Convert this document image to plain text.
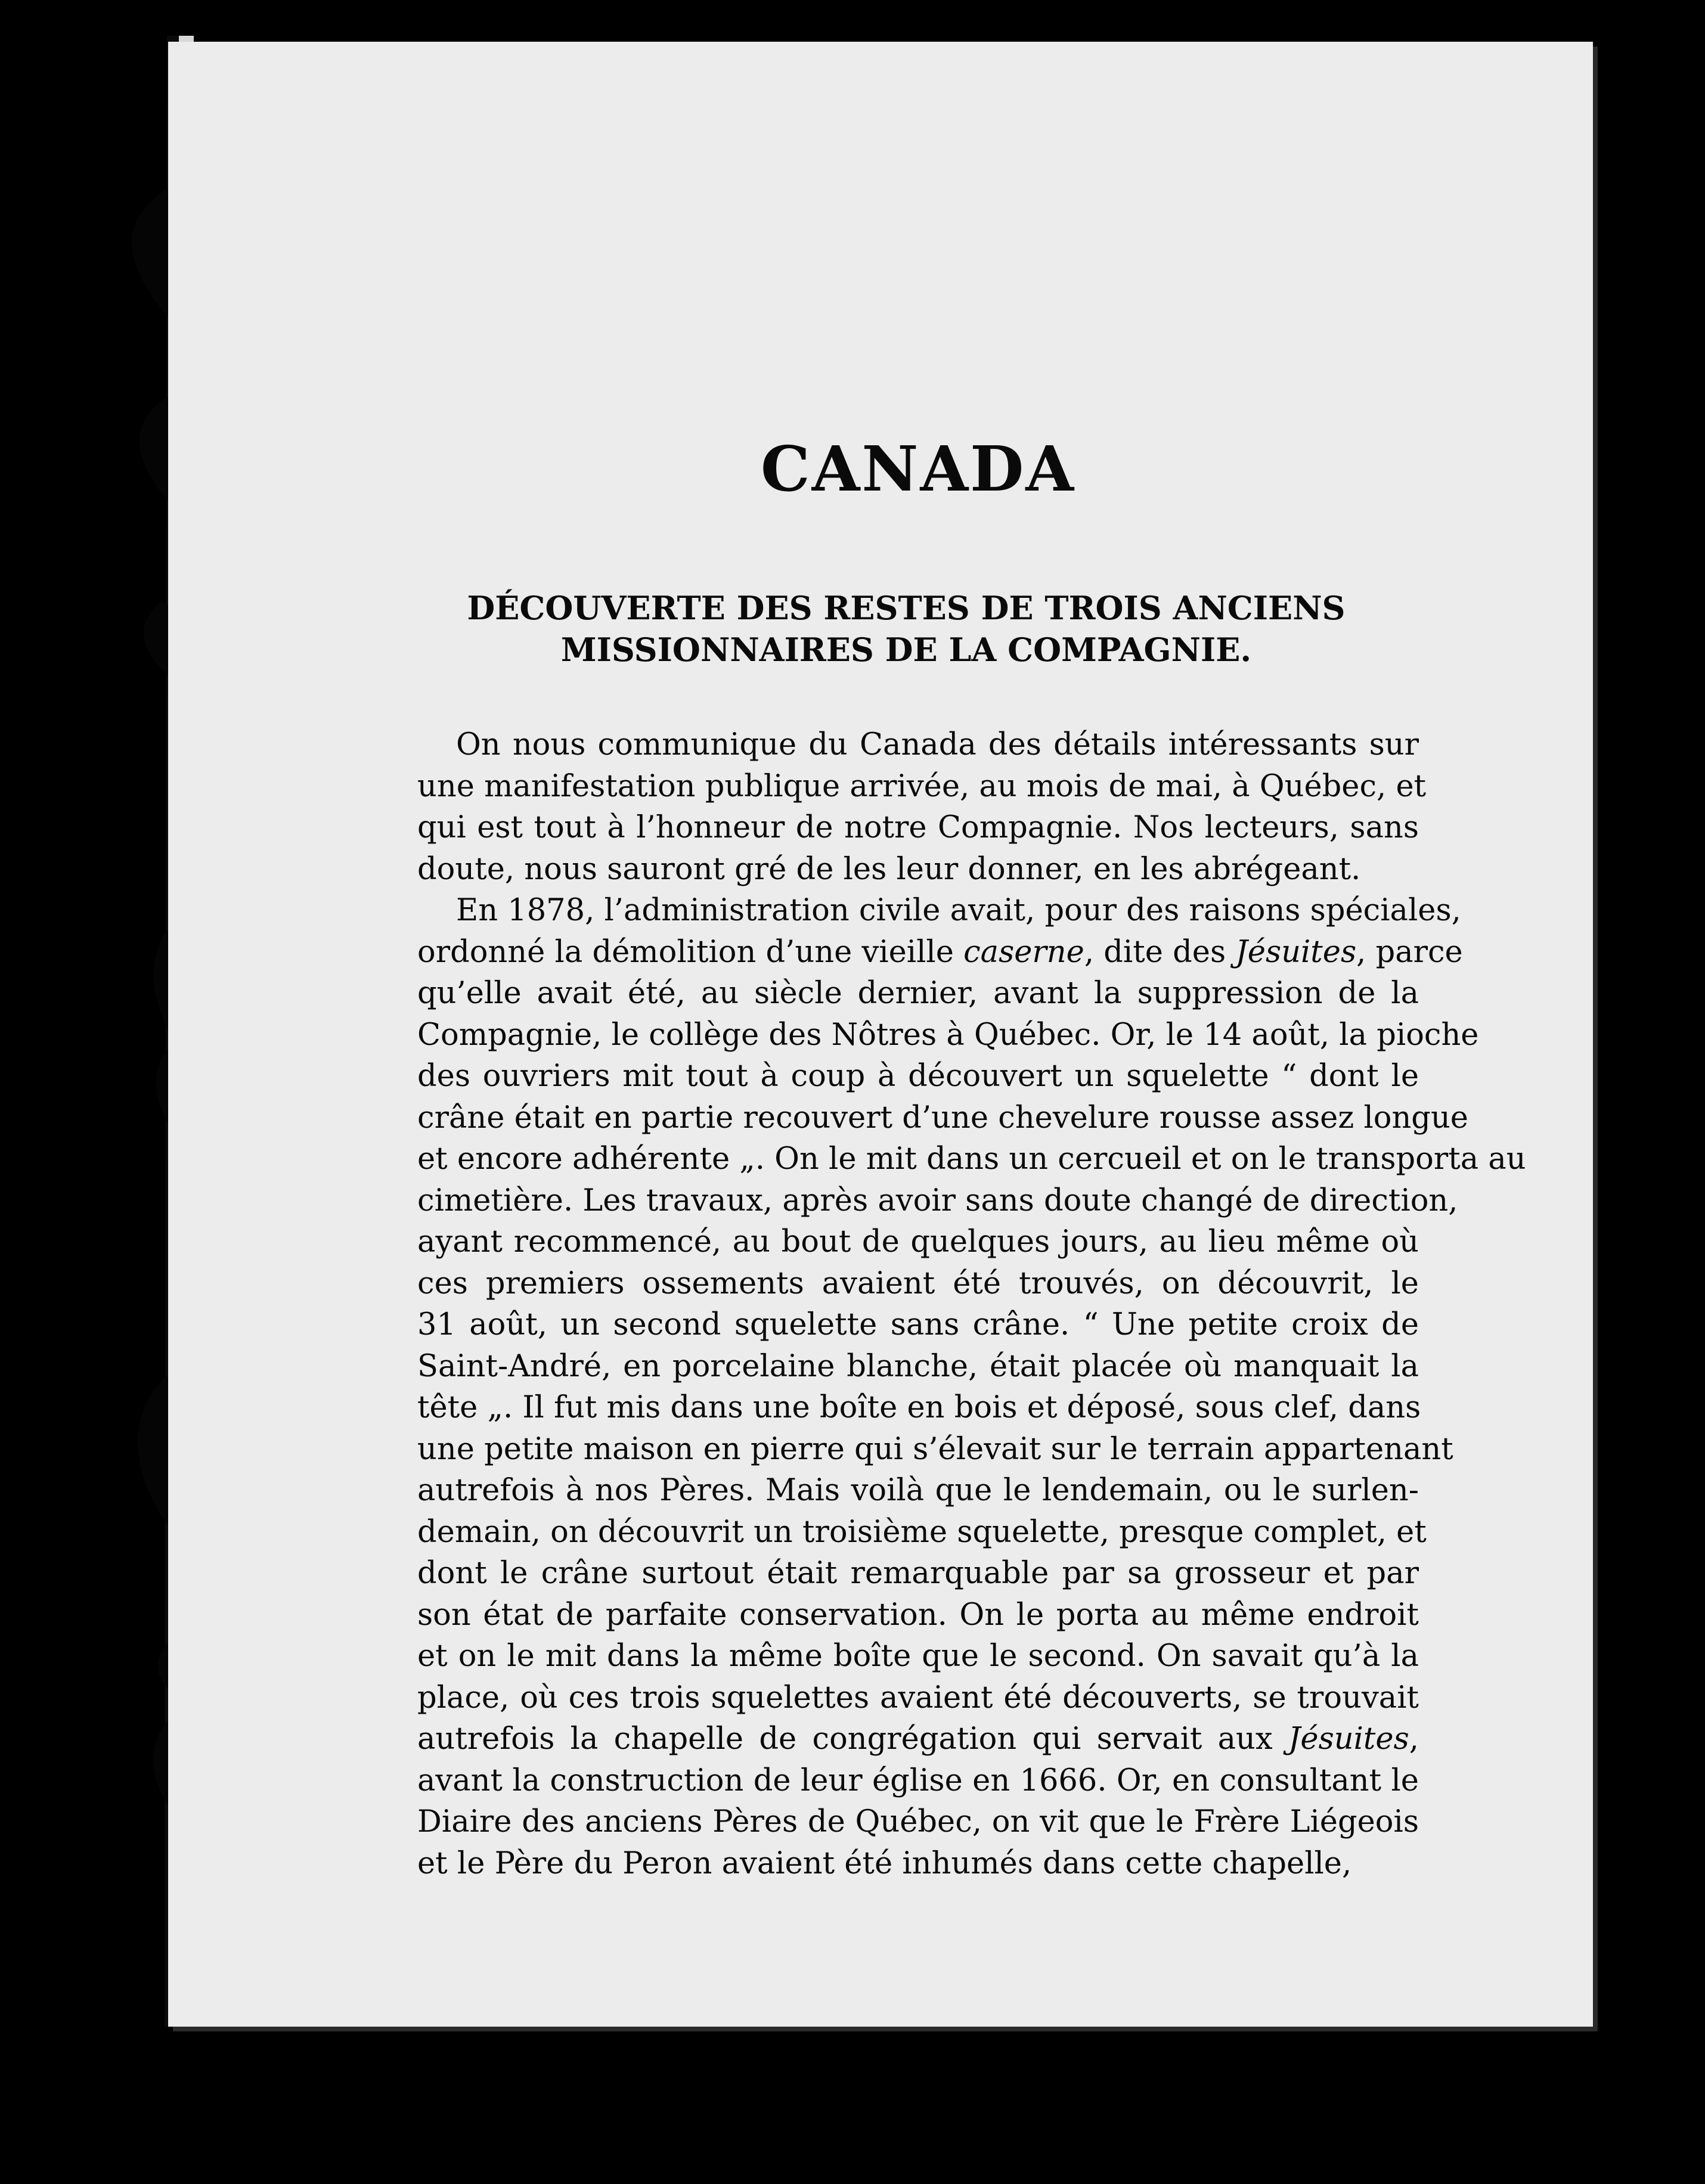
CANADA
DÉCOUVERTE DES RESTES DE TROIS ANCIENS
MISSIONNAIRES DE LA COMPAGNIE.
On nous communique du Canada des détails intéressants sur
une manifestation publique arrivée, au mois de mai, à Québec, et
qui est tout à l’honneur de notre Compagnie. Nos lecteurs, sans
doute, nous sauront gré de les leur donner, en les abrégeant.
En 1878, l’administration civile avait, pour des raisons spéciales,
ordonné la démolition d’une vieille caserne, dite des Jésuites, parce
qu’elle avait été, au siècle dernier, avant la suppression de la
Compagnie, le collège des Nôtres à Québec. Or, le 14 août, la pioche
des ouvriers mit tout à coup à découvert un squelette “ dont le
crâne était en partie recouvert d’une chevelure rousse assez longue
et encore adhérente „. On le mit dans un cercueil et on le transporta au
cimetière. Les travaux, après avoir sans doute changé de direction,
ayant recommencé, au bout de quelques jours, au lieu même où
ces premiers ossements avaient été trouvés, on découvrit, le
31 août, un second squelette sans crâne. “ Une petite croix de
Saint-André, en porcelaine blanche, était placée où manquait la
tête „. Il fut mis dans une boîte en bois et déposé, sous clef, dans
une petite maison en pierre qui s’élevait sur le terrain appartenant
autrefois à nos Pères. Mais voilà que le lendemain, ou le surlen-
demain, on découvrit un troisième squelette, presque complet, et
dont le crâne surtout était remarquable par sa grosseur et par
son état de parfaite conservation. On le porta au même endroit
et on le mit dans la même boîte que le second. On savait qu’à la
place, où ces trois squelettes avaient été découverts, se trouvait
autrefois la chapelle de congrégation qui servait aux Jésuites,
avant la construction de leur église en 1666. Or, en consultant le
Diaire des anciens Pères de Québec, on vit que le Frère Liégeois
et le Père du Peron avaient été inhumés dans cette chapelle,
